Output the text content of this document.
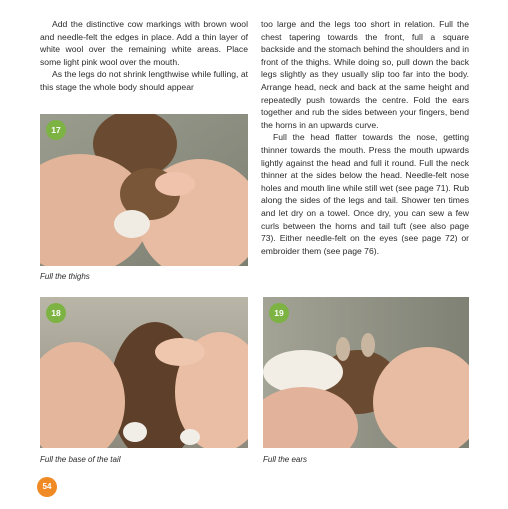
Add the distinctive cow markings with brown wool and needle-felt the edges in place. Add a thin layer of white wool over the remaining white areas. Place some light pink wool over the mouth.

As the legs do not shrink lengthwise while fulling, at this stage the whole body should appear

too large and the legs too short in relation. Full the chest tapering towards the front, full a square backside and the stomach behind the shoulders and in front of the thighs. While doing so, pull down the back legs slightly as they usually slip too far into the body. Arrange head, neck and back at the same height and repeatedly push towards the centre. Fold the ears together and rub the sides between your fingers, bend the horns in an upwards curve.

Full the head flatter towards the nose, getting thinner towards the mouth. Press the mouth upwards lightly against the head and full it round. Full the neck thinner at the sides below the head. Needle-felt nose holes and mouth line while still wet (see page 71). Rub along the sides of the legs and tail. Shower ten times and let dry on a towel. Once dry, you can sew a few curls between the horns and tail tuft (see also page 73). Either needle-felt on the eyes (see page 72) or embroider them (see page 76).

17
Full the thighs
18
Full the base of the tail
19
Full the ears
54
